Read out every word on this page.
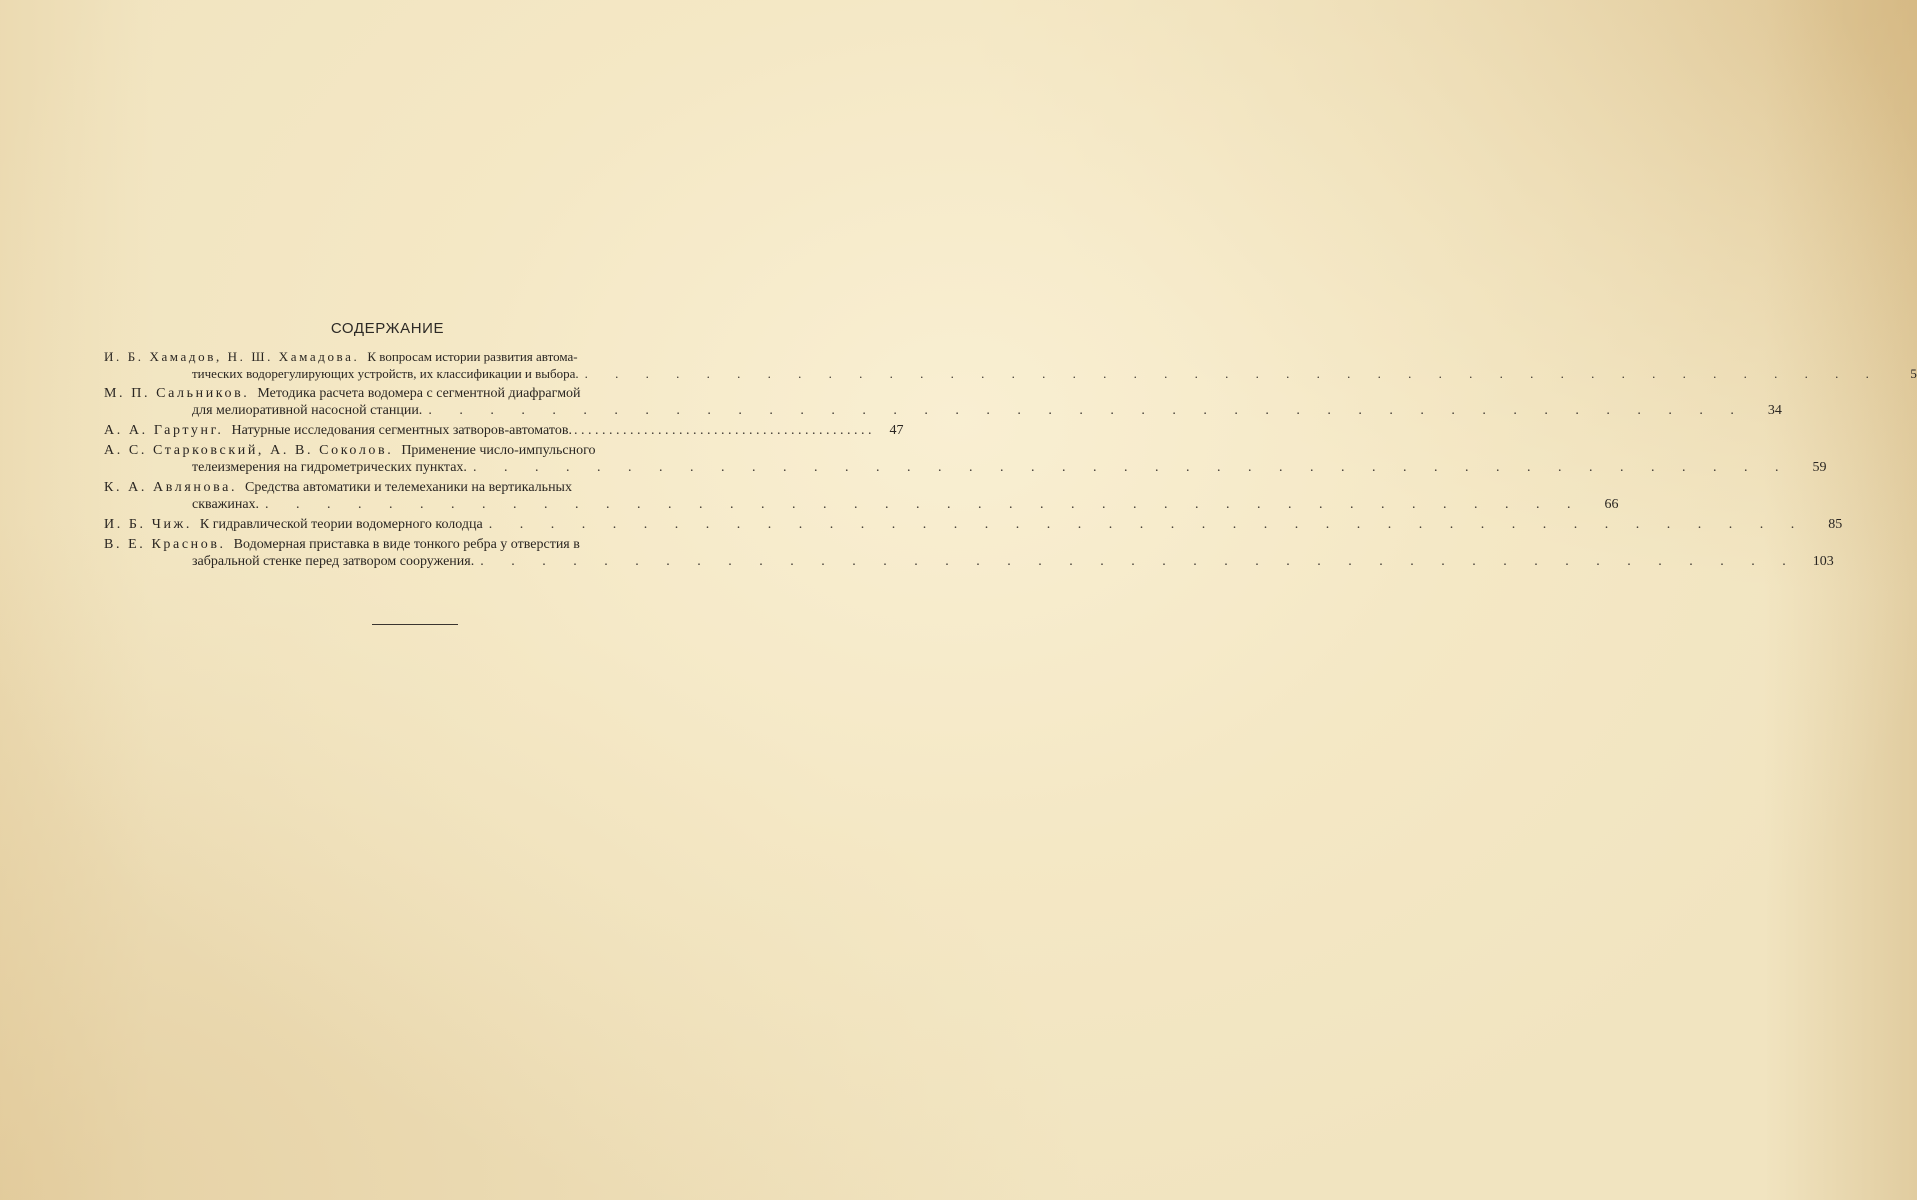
СОДЕРЖАНИЕ
И. Б. Хамадов, Н. Ш. Хамадова. К вопросам истории развития автома-
тических водорегулирующих устройств, их классификации и выбора. . . .	5
М. П. Сальников. Методика расчета водомера с сегментной диафрагмой
для мелиоративной насосной станции. . . .	34
А. А. Гартунг. Натурные исследования сегментных затворов-автоматов. . . .	47
А. С. Старковский, А. В. Соколов. Применение число-импульсного
телеизмерения на гидрометрических пунктах. . . .	59
К. А. Авлянова. Средства автоматики и телемеханики на вертикальных
скважинах. . . .	66
И. Б. Чиж. К гидравлической теории водомерного колодца . . .	85
В. Е. Краснов. Водомерная приставка в виде тонкого ребра у отверстия в
забральной стенке перед затвором сооружения. . . .	103
